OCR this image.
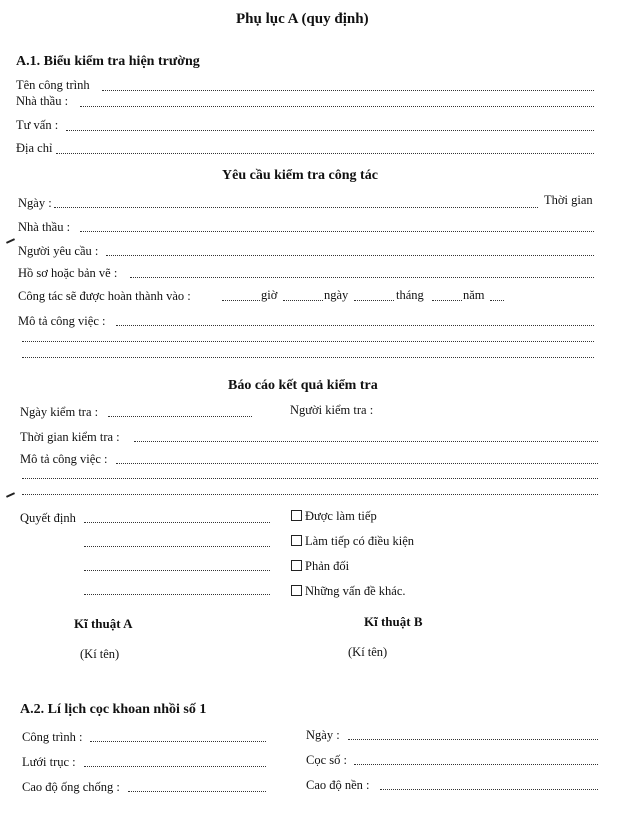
Phụ lục A (quy định)
A.1. Biểu kiểm tra hiện trường
Tên công trình
Nhà thầu :
Tư vấn :
Địa chỉ
Yêu cầu kiểm tra công tác
Ngày :	Thời gian
Nhà thầu :
Người yêu cầu :
Hồ sơ hoặc bản vẽ :
Công tác sẽ được hoàn thành vào :	giờ	ngày	tháng	năm
Mô tả công việc :
Báo cáo kết quả kiểm tra
Ngày kiểm tra :	Người kiểm tra :
Thời gian kiểm tra :
Mô tả công việc :
Quyết định	Được làm tiếp
Làm tiếp có điều kiện
Phản đối
Những vấn đề khác.
Kĩ thuật A	Kĩ thuật B
(Kí tên)	(Kí tên)
A.2. Lí lịch cọc khoan nhồi số 1
Công trình :	Ngày :
Lưới trục :	Cọc số :
Cao độ ống chống :	Cao độ nền :
